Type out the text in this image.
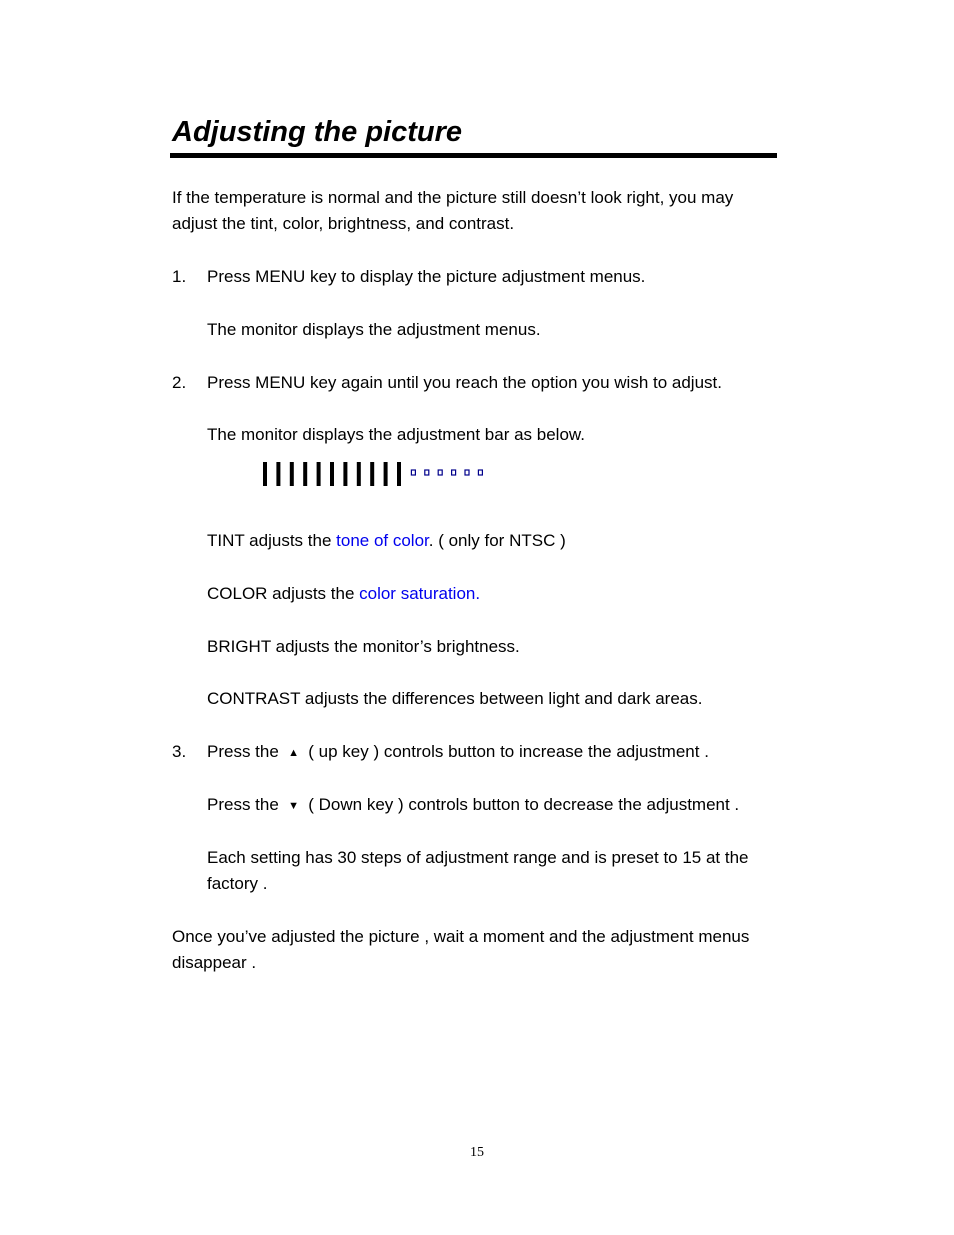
Adjusting the picture

If the temperature is normal and the picture still doesn’t look right, you may

adjust the tint, color, brightness, and contrast.

1. Press MENU key to display the picture adjustment menus.

The monitor displays the adjustment menus.

2. Press MENU key again until you reach the option you wish to adjust.

The monitor displays the adjustment bar as below.

TINT adjusts the tone of color. ( only for NTSC )

COLOR adjusts the color saturation.

BRIGHT adjusts the monitor’s brightness.

CONTRAST adjusts the differences between light and dark areas.

3. Press the ▲ ( up key ) controls button to increase the adjustment .

Press the ▼ ( Down key ) controls button to decrease the adjustment .

Each setting has 30 steps of adjustment range and is preset to 15 at the

factory .

Once you’ve adjusted the picture , wait a moment and the adjustment menus

disappear .

15
